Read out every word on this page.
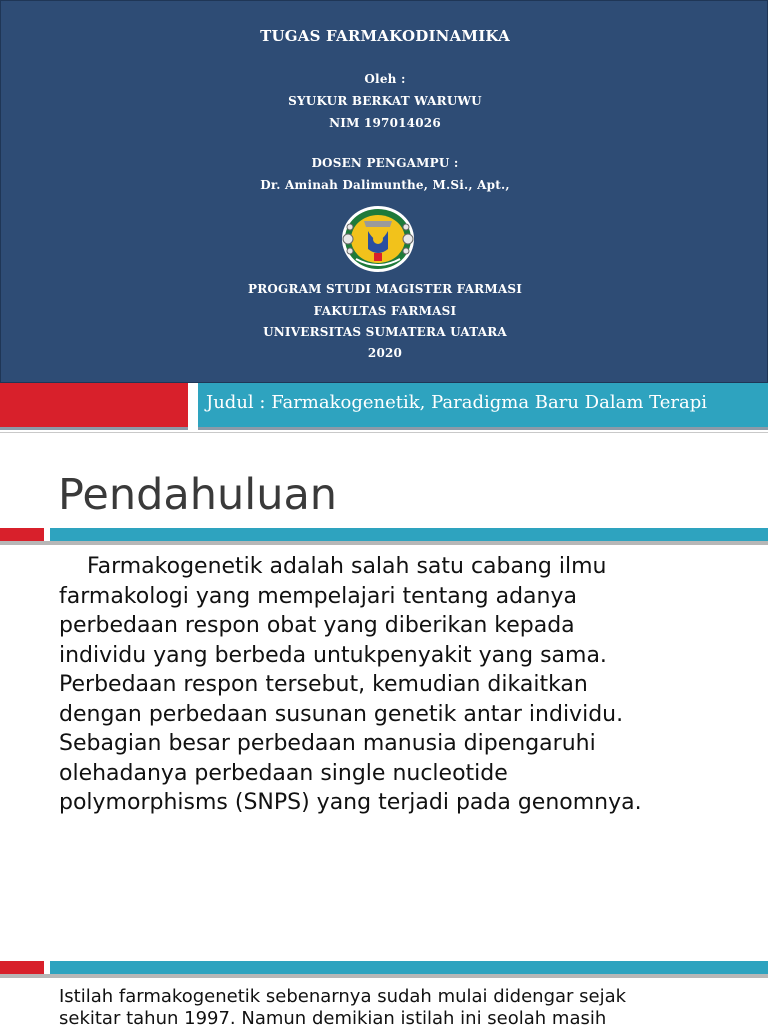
TUGAS FARMAKODINAMIKA
Oleh :
SYUKUR BERKAT WARUWU
NIM 197014026
DOSEN PENGAMPU :
Dr. Aminah Dalimunthe, M.Si., Apt.,
PROGRAM STUDI MAGISTER FARMASI
FAKULTAS FARMASI
UNIVERSITAS SUMATERA UATARA
2020
Judul : Farmakogenetik, Paradigma Baru Dalam Terapi
Pendahuluan

Farmakogenetik adalah salah satu cabang ilmu

farmakologi yang mempelajari tentang adanya

perbedaan respon obat yang diberikan kepada

individu yang berbeda untukpenyakit yang sama.

Perbedaan respon tersebut, kemudian dikaitkan

dengan perbedaan susunan genetik antar individu.

Sebagian besar perbedaan manusia dipengaruhi

olehadanya perbedaan single nucleotide

polymorphisms (SNPS) yang terjadi pada genomnya.

Istilah farmakogenetik sebenarnya sudah mulai didengar sejak

sekitar tahun 1997. Namun demikian istilah ini seolah masih
